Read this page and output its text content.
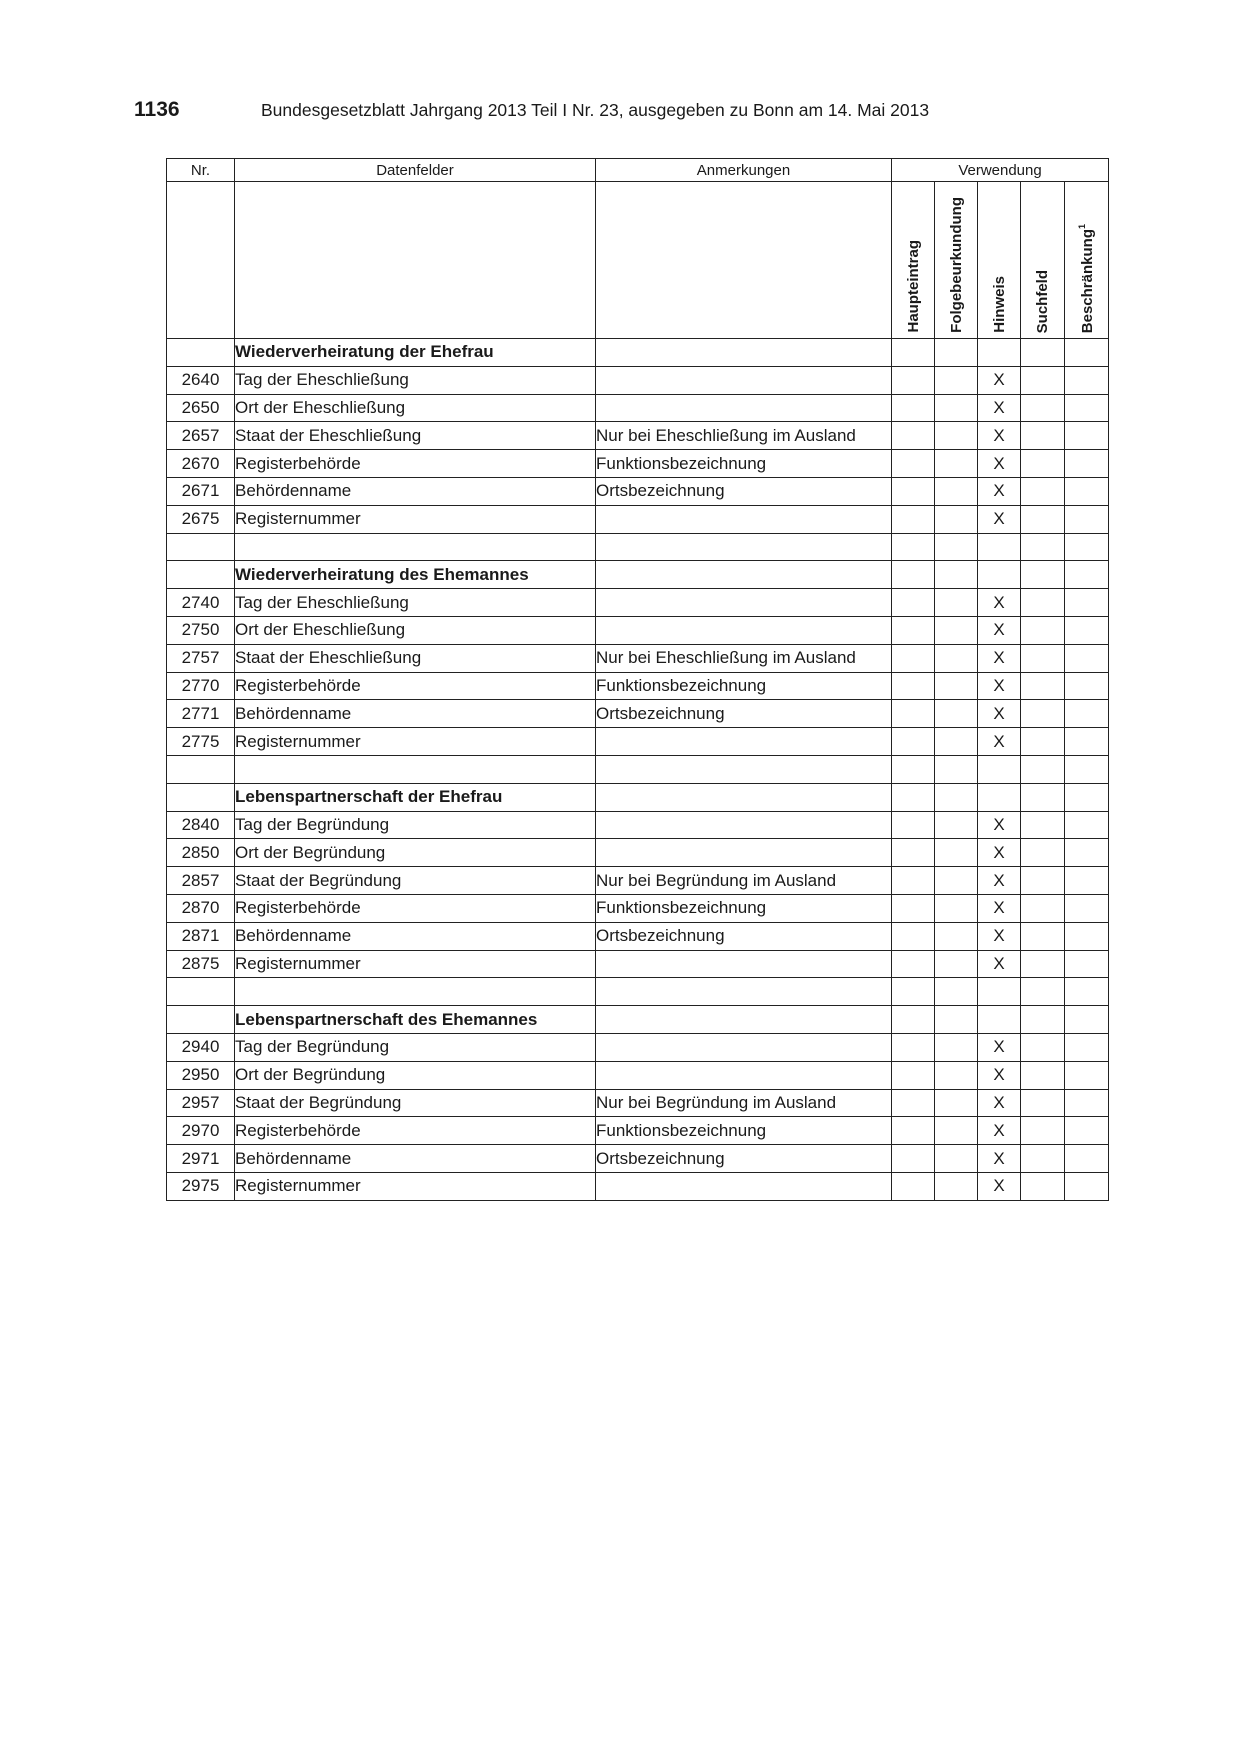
1136	Bundesgesetzblatt Jahrgang 2013 Teil I Nr. 23, ausgegeben zu Bonn am 14. Mai 2013
Nr.	Datenfelder	Anmerkungen	Verwendung				
			Haupteintrag	Folgebeurkundung	Hinweis	Suchfeld	Beschränkung$^1$
	Wiederverheiratung der Ehefrau						
2640	Tag der Eheschließung				X		
2650	Ort der Eheschließung				X		
2657	Staat der Eheschließung	Nur bei Eheschließung im Ausland			X		
2670	Registerbehörde	Funktionsbezeichnung			X		
2671	Behördenname	Ortsbezeichnung			X		
2675	Registernummer				X		

	Wiederverheiratung des Ehemannes						
2740	Tag der Eheschließung				X		
2750	Ort der Eheschließung				X		
2757	Staat der Eheschließung	Nur bei Eheschließung im Ausland			X		
2770	Registerbehörde	Funktionsbezeichnung			X		
2771	Behördenname	Ortsbezeichnung			X		
2775	Registernummer				X		

	Lebenspartnerschaft der Ehefrau						
2840	Tag der Begründung				X		
2850	Ort der Begründung				X		
2857	Staat der Begründung	Nur bei Begründung im Ausland			X		
2870	Registerbehörde	Funktionsbezeichnung			X		
2871	Behördenname	Ortsbezeichnung			X		
2875	Registernummer				X		

	Lebenspartnerschaft des Ehemannes						
2940	Tag der Begründung				X		
2950	Ort der Begründung				X		
2957	Staat der Begründung	Nur bei Begründung im Ausland			X		
2970	Registerbehörde	Funktionsbezeichnung			X		
2971	Behördenname	Ortsbezeichnung			X		
2975	Registernummer				X		
